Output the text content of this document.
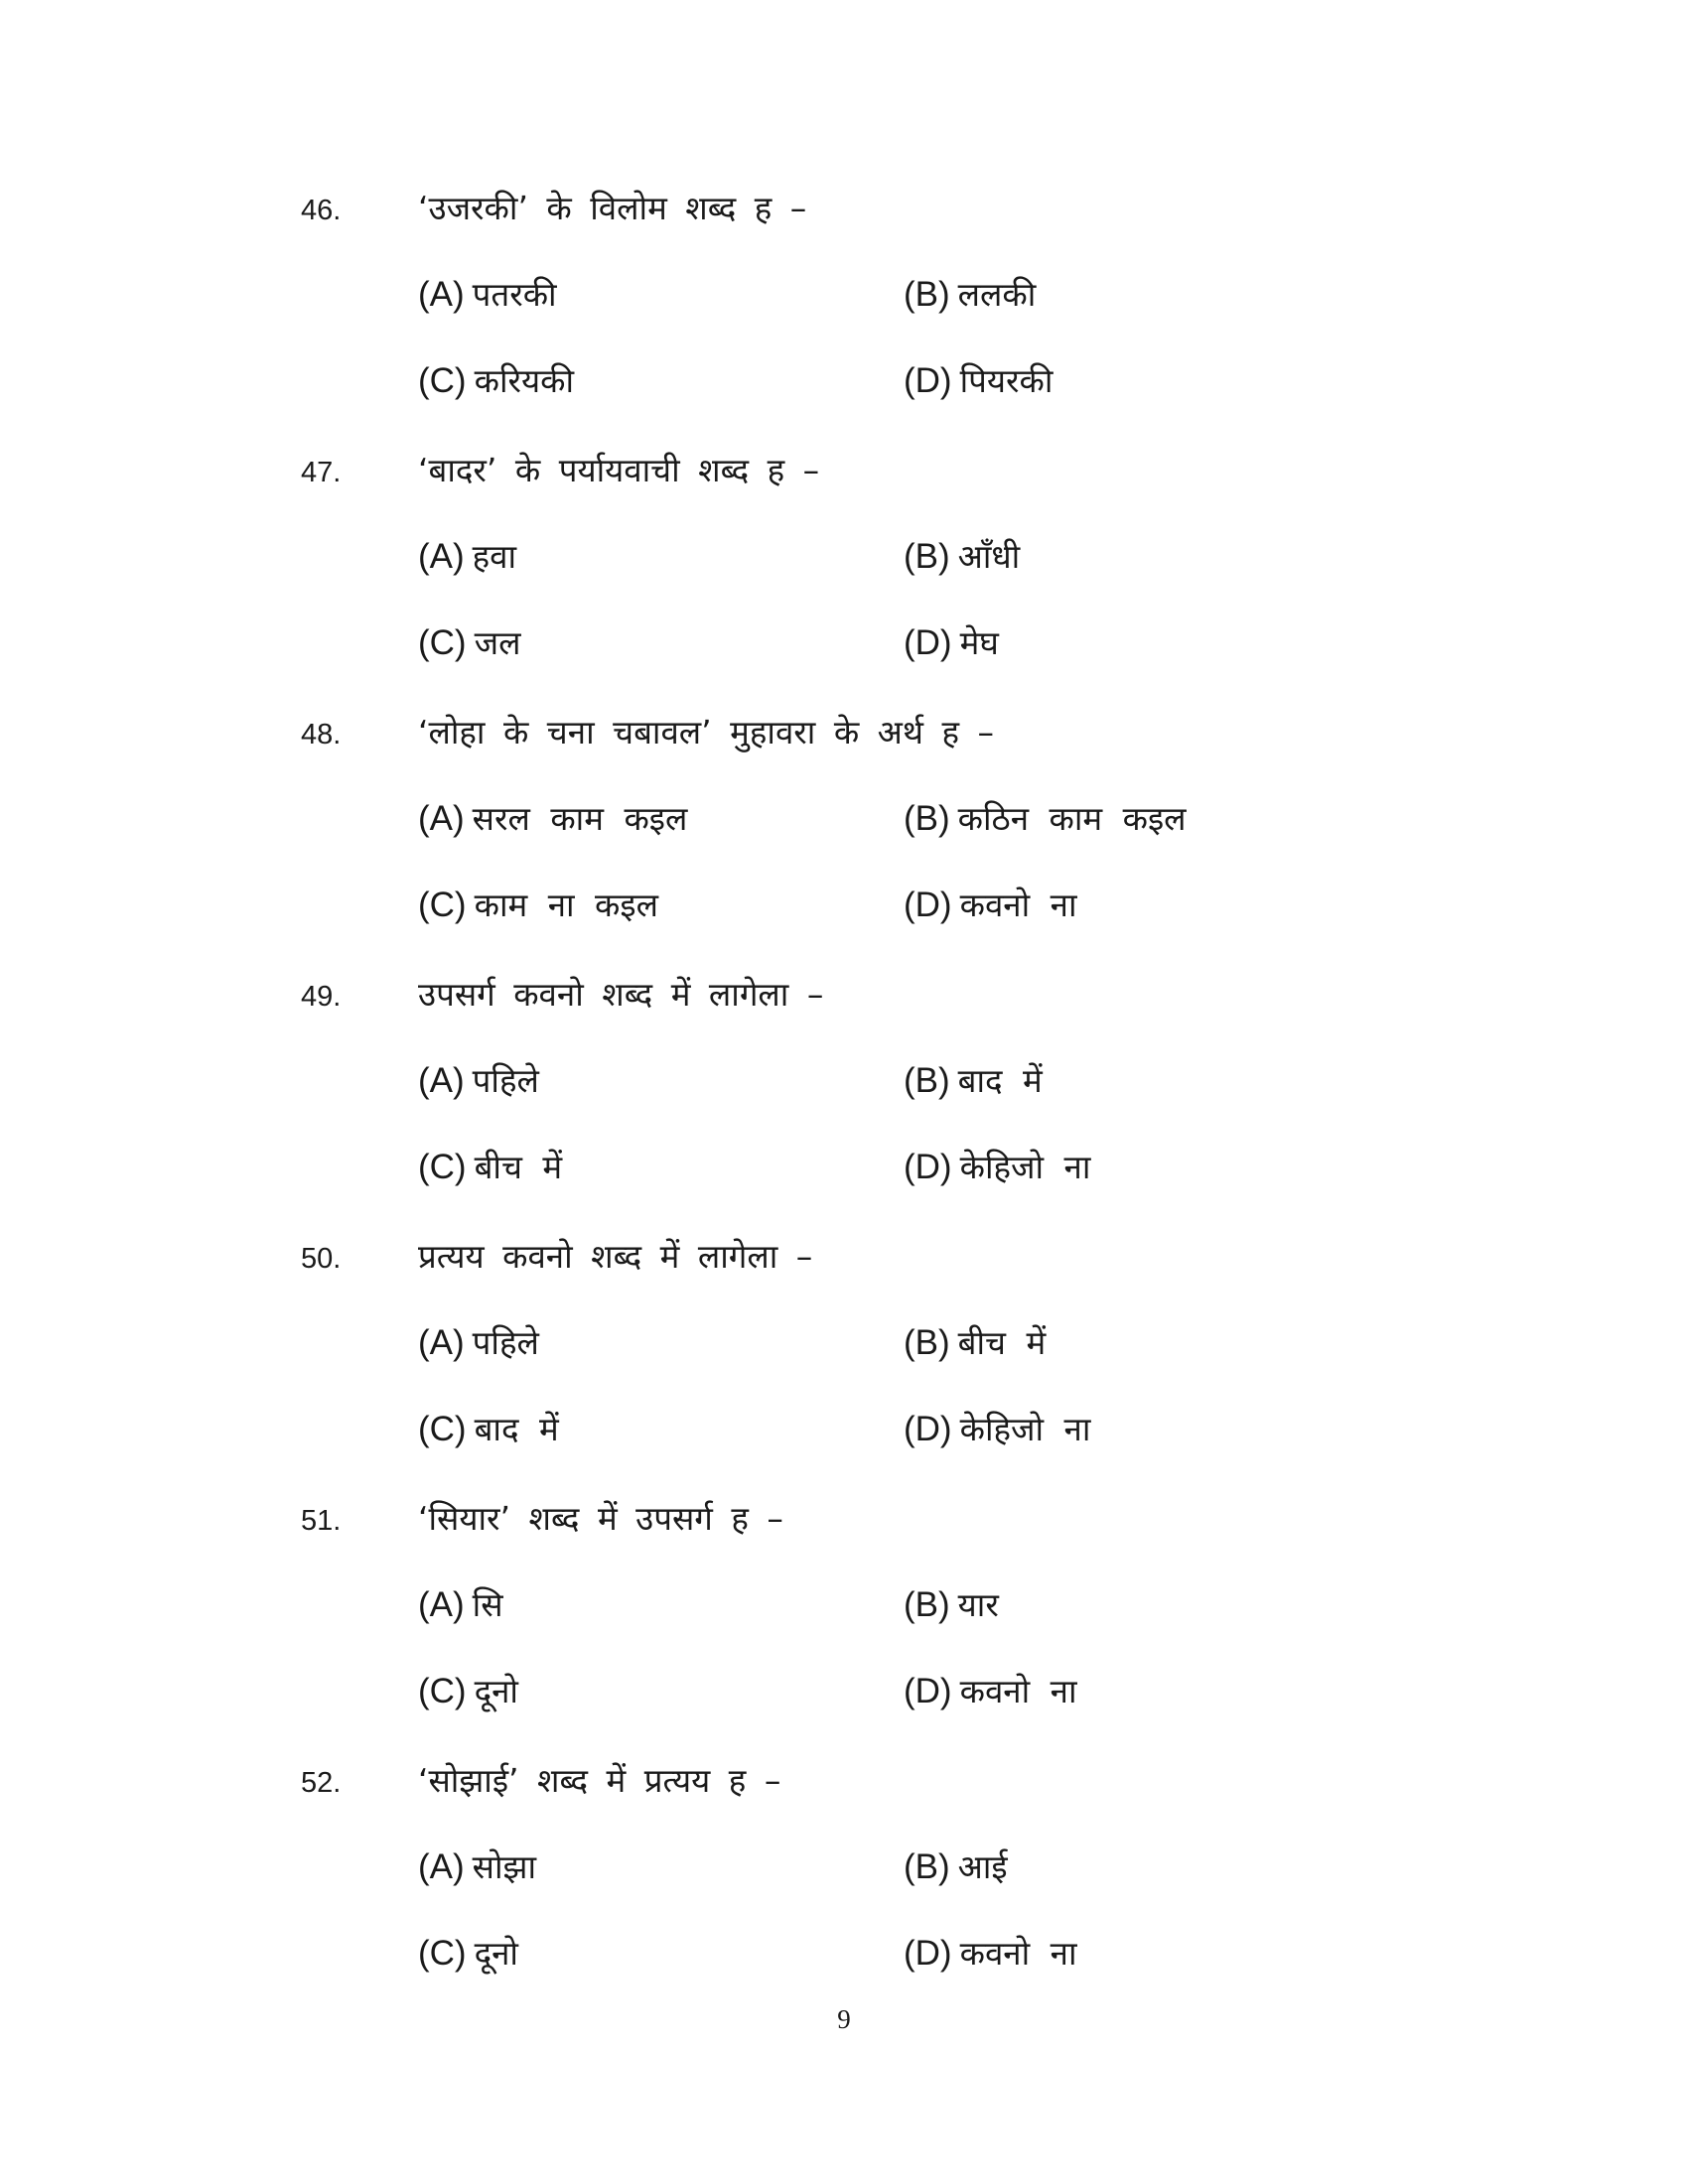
46. ‘उजरकी’ के विलोम शब्द ह –
(A) पतरकी	(B) ललकी
(C) करियकी	(D) पियरकी
47. ‘बादर’ के पर्यायवाची शब्द ह –
(A) हवा	(B) आँधी
(C) जल	(D) मेघ
48. ‘लोहा के चना चबावल’ मुहावरा के अर्थ ह –
(A) सरल काम कइल	(B) कठिन काम कइल
(C) काम ना कइल	(D) कवनो ना
49. उपसर्ग कवनो शब्द में लागेला –
(A) पहिले	(B) बाद में
(C) बीच में	(D) केहिजो ना
50. प्रत्यय कवनो शब्द में लागेला –
(A) पहिले	(B) बीच में
(C) बाद में	(D) केहिजो ना
51. ‘सियार’ शब्द में उपसर्ग ह –
(A) सि	(B) यार
(C) दूनो	(D) कवनो ना
52. ‘सोझाई’ शब्द में प्रत्यय ह –
(A) सोझा	(B) आई
(C) दूनो	(D) कवनो ना
9
